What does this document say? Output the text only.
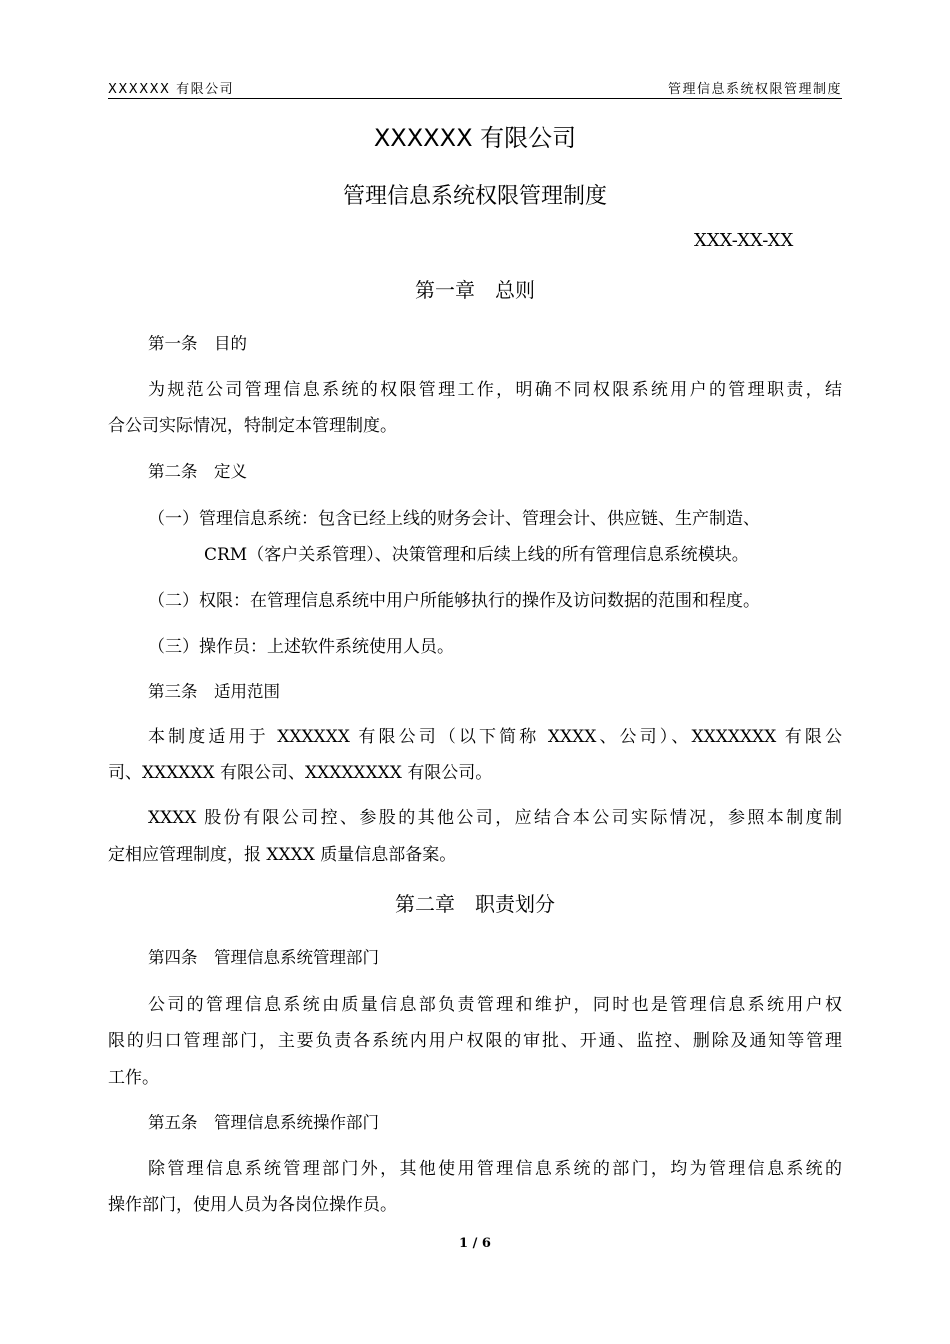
XXXXXX 有限公司	管理信息系统权限管理制度
XXXXXX 有限公司
管理信息系统权限管理制度
XXX-XX-XX
第一章　总则
第一条　目的
为规范公司管理信息系统的权限管理工作，明确不同权限系统用户的管理职责，结
合公司实际情况，特制定本管理制度。
第二条　定义
（一）管理信息系统：包含已经上线的财务会计、管理会计、供应链、生产制造、
CRM（客户关系管理）、决策管理和后续上线的所有管理信息系统模块。
（二）权限：在管理信息系统中用户所能够执行的操作及访问数据的范围和程度。
（三）操作员：上述软件系统使用人员。
第三条　适用范围
本制度适用于 XXXXXX 有限公司（以下简称 XXXX、公司）、XXXXXXX 有限公
司、XXXXXX 有限公司、XXXXXXXX 有限公司。
XXXX 股份有限公司控、参股的其他公司，应结合本公司实际情况，参照本制度制
定相应管理制度，报 XXXX 质量信息部备案。
第二章　职责划分
第四条　管理信息系统管理部门
公司的管理信息系统由质量信息部负责管理和维护，同时也是管理信息系统用户权
限的归口管理部门，主要负责各系统内用户权限的审批、开通、监控、删除及通知等管理
工作。
第五条　管理信息系统操作部门
除管理信息系统管理部门外，其他使用管理信息系统的部门，均为管理信息系统的
操作部门，使用人员为各岗位操作员。
1 / 6
